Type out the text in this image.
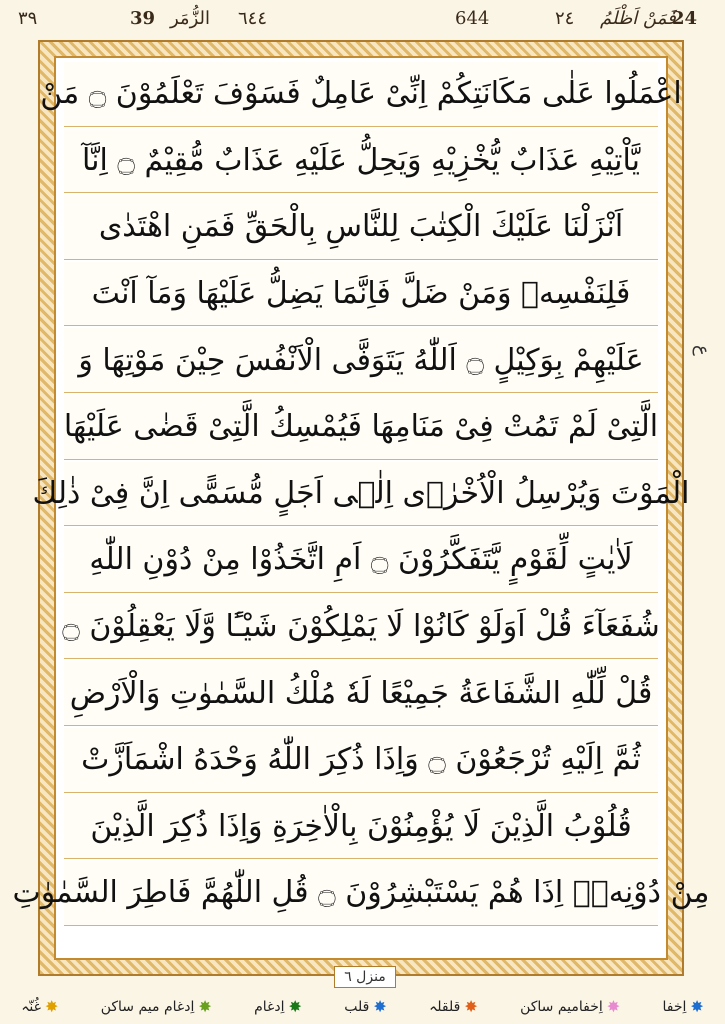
٣٩	39 الزُّمَر ٦٤٤	644	٢٤ فَمَنْ اَظْلَمُ
24
اعْمَلُوا عَلٰى مَكَانَتِكُمْ اِنِّیْ عَامِلٌ فَسَوْفَ تَعْلَمُوْنَ ۝ مَنْ
يَّاْتِيْهِ عَذَابٌ يُّخْزِيْهِ وَيَحِلُّ عَلَيْهِ عَذَابٌ مُّقِيْمٌ ۝ اِنَّآ
اَنْزَلْنَا عَلَيْكَ الْكِتٰبَ لِلنَّاسِ بِالْحَقِّ فَمَنِ اهْتَدٰى
فَلِنَفْسِهٖ وَمَنْ ضَلَّ فَاِنَّمَا يَضِلُّ عَلَيْهَا وَمَآ اَنْتَ
عَلَيْهِمْ بِوَكِيْلٍ ۝ اَللّٰهُ يَتَوَفَّى الْاَنْفُسَ حِيْنَ مَوْتِهَا وَ
الَّتِیْ لَمْ تَمُتْ فِیْ مَنَامِهَا فَيُمْسِكُ الَّتِیْ قَضٰى عَلَيْهَا
الْمَوْتَ وَيُرْسِلُ الْاُخْرٰۤى اِلٰۤى اَجَلٍ مُّسَمًّى اِنَّ فِیْ ذٰلِكَ
لَاٰيٰتٍ لِّقَوْمٍ يَّتَفَكَّرُوْنَ ۝ اَمِ اتَّخَذُوْا مِنْ دُوْنِ اللّٰهِ
شُفَعَآءَ قُلْ اَوَلَوْ كَانُوْا لَا يَمْلِكُوْنَ شَيْـًٔا وَّلَا يَعْقِلُوْنَ ۝
قُلْ لِّلّٰهِ الشَّفَاعَةُ جَمِيْعًا لَهٗ مُلْكُ السَّمٰوٰتِ وَالْاَرْضِ
ثُمَّ اِلَيْهِ تُرْجَعُوْنَ ۝ وَاِذَا ذُكِرَ اللّٰهُ وَحْدَهُ اشْمَاَزَّتْ
قُلُوْبُ الَّذِيْنَ لَا يُؤْمِنُوْنَ بِالْاٰخِرَةِ وَاِذَا ذُكِرَ الَّذِيْنَ
مِنْ دُوْنِهٖۤ اِذَا هُمْ يَسْتَبْشِرُوْنَ ۝ قُلِ اللّٰهُمَّ فَاطِرَ السَّمٰوٰتِ
ع
منزل ٦
✸
اِخفا
✸
اِخفامیم ساکن
✸
قلقلہ
✸
قلب
✸
اِدغام
✸
اِدغام میم ساکن
✸
غُنّہ
